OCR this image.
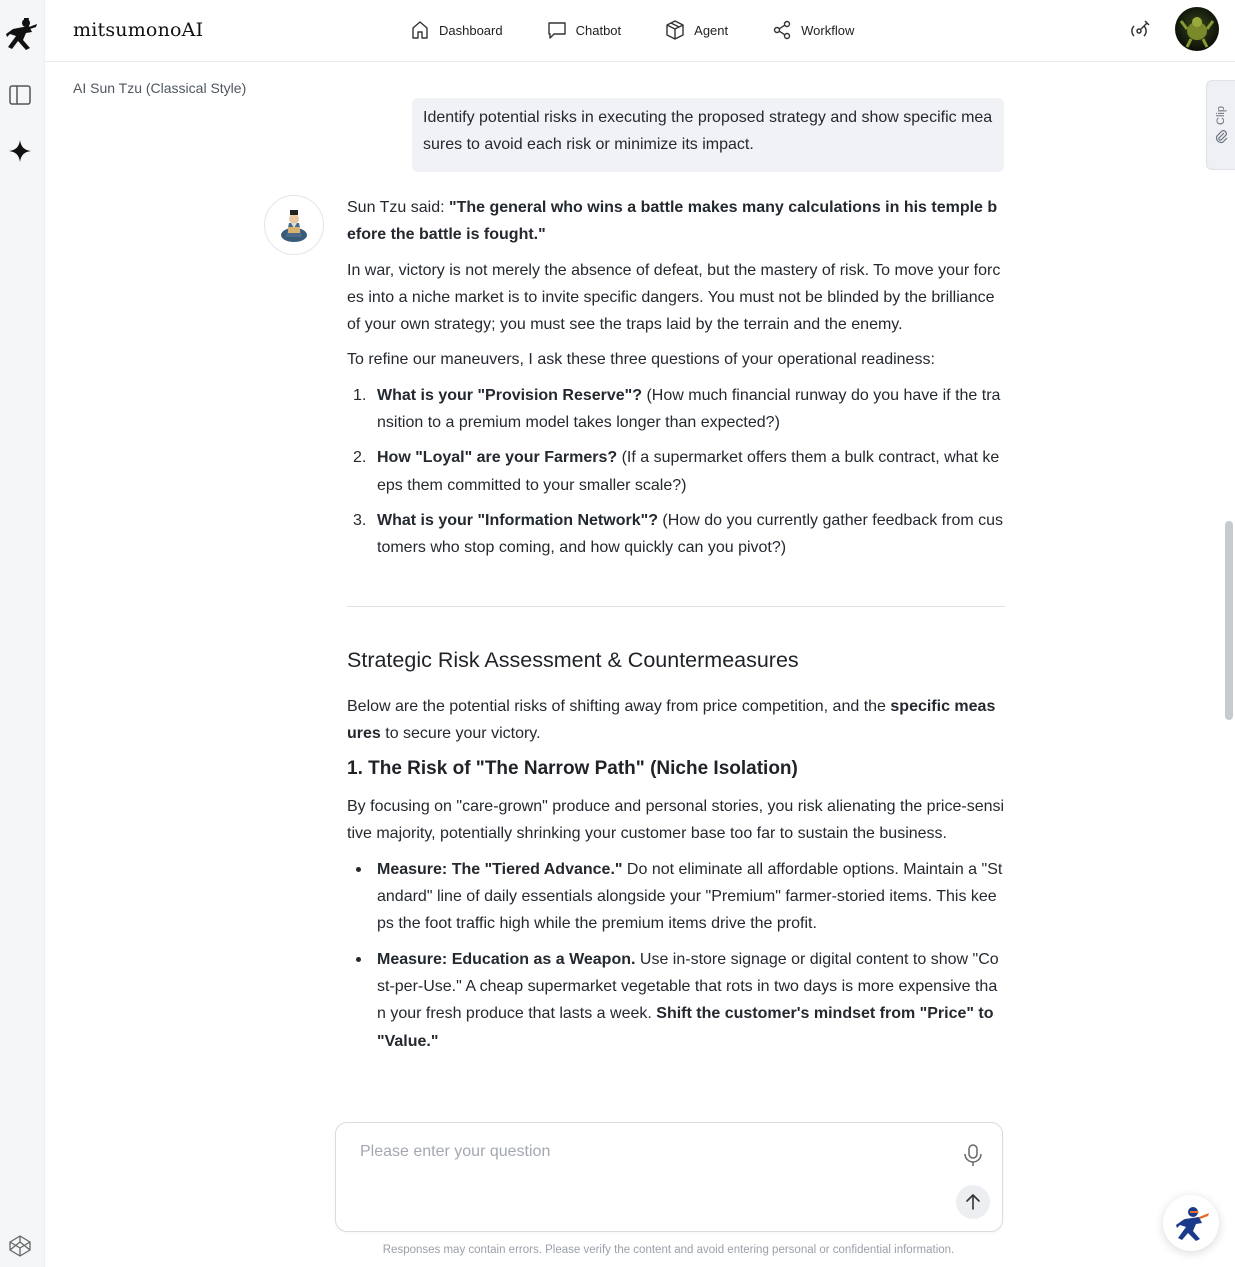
mitsumonoAI	Dashboard	Chatbot	Agent	Workflow
AI Sun Tzu (Classical Style)
Clip
Identify potential risks in executing the proposed strategy and show specific measures to avoid each risk or minimize its impact.

Sun Tzu said: "The general who wins a battle makes many calculations in his temple before the battle is fought."

In war, victory is not merely the absence of defeat, but the mastery of risk. To move your forces into a niche market is to invite specific dangers. You must not be blinded by the brilliance of your own strategy; you must see the traps laid by the terrain and the enemy.

To refine our maneuvers, I ask these three questions of your operational readiness:

1. What is your "Provision Reserve"? (How much financial runway do you have if the transition to a premium model takes longer than expected?)
2. How "Loyal" are your Farmers? (If a supermarket offers them a bulk contract, what keeps them committed to your smaller scale?)
3. What is your "Information Network"? (How do you currently gather feedback from customers who stop coming, and how quickly can you pivot?)
Strategic Risk Assessment & Countermeasures

Below are the potential risks of shifting away from price competition, and the specific measures to secure your victory.

1. The Risk of "The Narrow Path" (Niche Isolation)

By focusing on "care-grown" produce and personal stories, you risk alienating the price-sensitive majority, potentially shrinking your customer base too far to sustain the business.

Measure: The "Tiered Advance." Do not eliminate all affordable options. Maintain a "Standard" line of daily essentials alongside your "Premium" farmer-storied items. This keeps the foot traffic high while the premium items drive the profit.
Measure: Education as a Weapon. Use in-store signage or digital content to show "Cost-per-Use." A cheap supermarket vegetable that rots in two days is more expensive than your fresh produce that lasts a week. Shift the customer's mindset from "Price" to "Value."
Please enter your question
Responses may contain errors. Please verify the content and avoid entering personal or confidential information.
